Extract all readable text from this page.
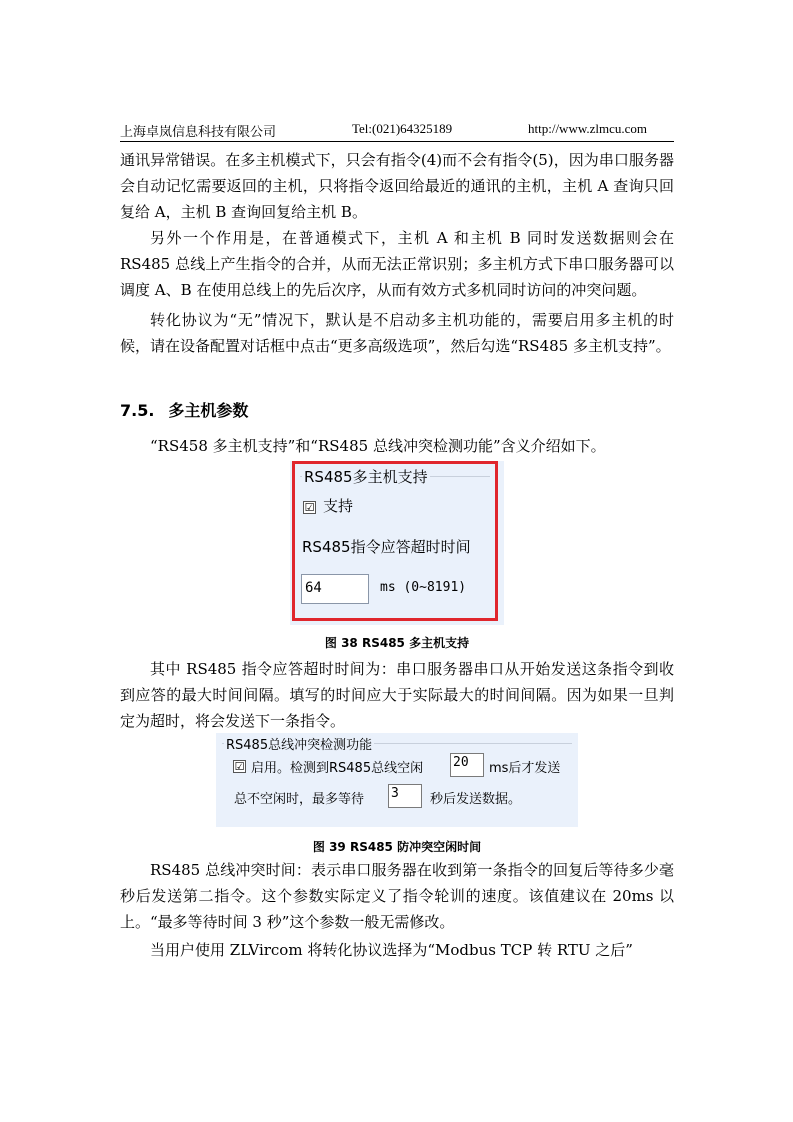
上海卓岚信息科技有限公司	Tel:(021)64325189	http://www.zlmcu.com

通讯异常错误。在多主机模式下，只会有指令(4)而不会有指令(5)，因为串口服务器会自动记忆需要返回的主机，只将指令返回给最近的通讯的主机，主机 A 查询只回复给 A，主机 B 查询回复给主机 B。

另外一个作用是，在普通模式下，主机 A 和主机 B 同时发送数据则会在 RS485 总线上产生指令的合并，从而无法正常识别；多主机方式下串口服务器可以调度 A、B 在使用总线上的先后次序，从而有效方式多机同时访问的冲突问题。

转化协议为“无”情况下，默认是不启动多主机功能的，需要启用多主机的时候，请在设备配置对话框中点击“更多高级选项”，然后勾选“RS485 多主机支持”。

7.5. 多主机参数

“RS458 多主机支持”和“RS485 总线冲突检测功能”含义介绍如下。

: RS485多主机支持
☑ 支持
RS485指令应答超时时间
64	ms (0~8191)
图 38 RS485 多主机支持

其中 RS485 指令应答超时时间为：串口服务器串口从开始发送这条指令到收到应答的最大时间间隔。填写的时间应大于实际最大的时间间隔。因为如果一旦判定为超时，将会发送下一条指令。

RS485总线冲突检测功能
☑ 启用。检测到RS485总线空闲 20	ms后才发送
总不空闲时，最多等待 3	秒后发送数据。
图 39 RS485 防冲突空闲时间

RS485 总线冲突时间：表示串口服务器在收到第一条指令的回复后等待多少毫秒后发送第二指令。这个参数实际定义了指令轮训的速度。该值建议在 20ms 以上。“最多等待时间 3 秒”这个参数一般无需修改。

当用户使用 ZLVircom 将转化协议选择为“Modbus TCP 转 RTU 之后”
